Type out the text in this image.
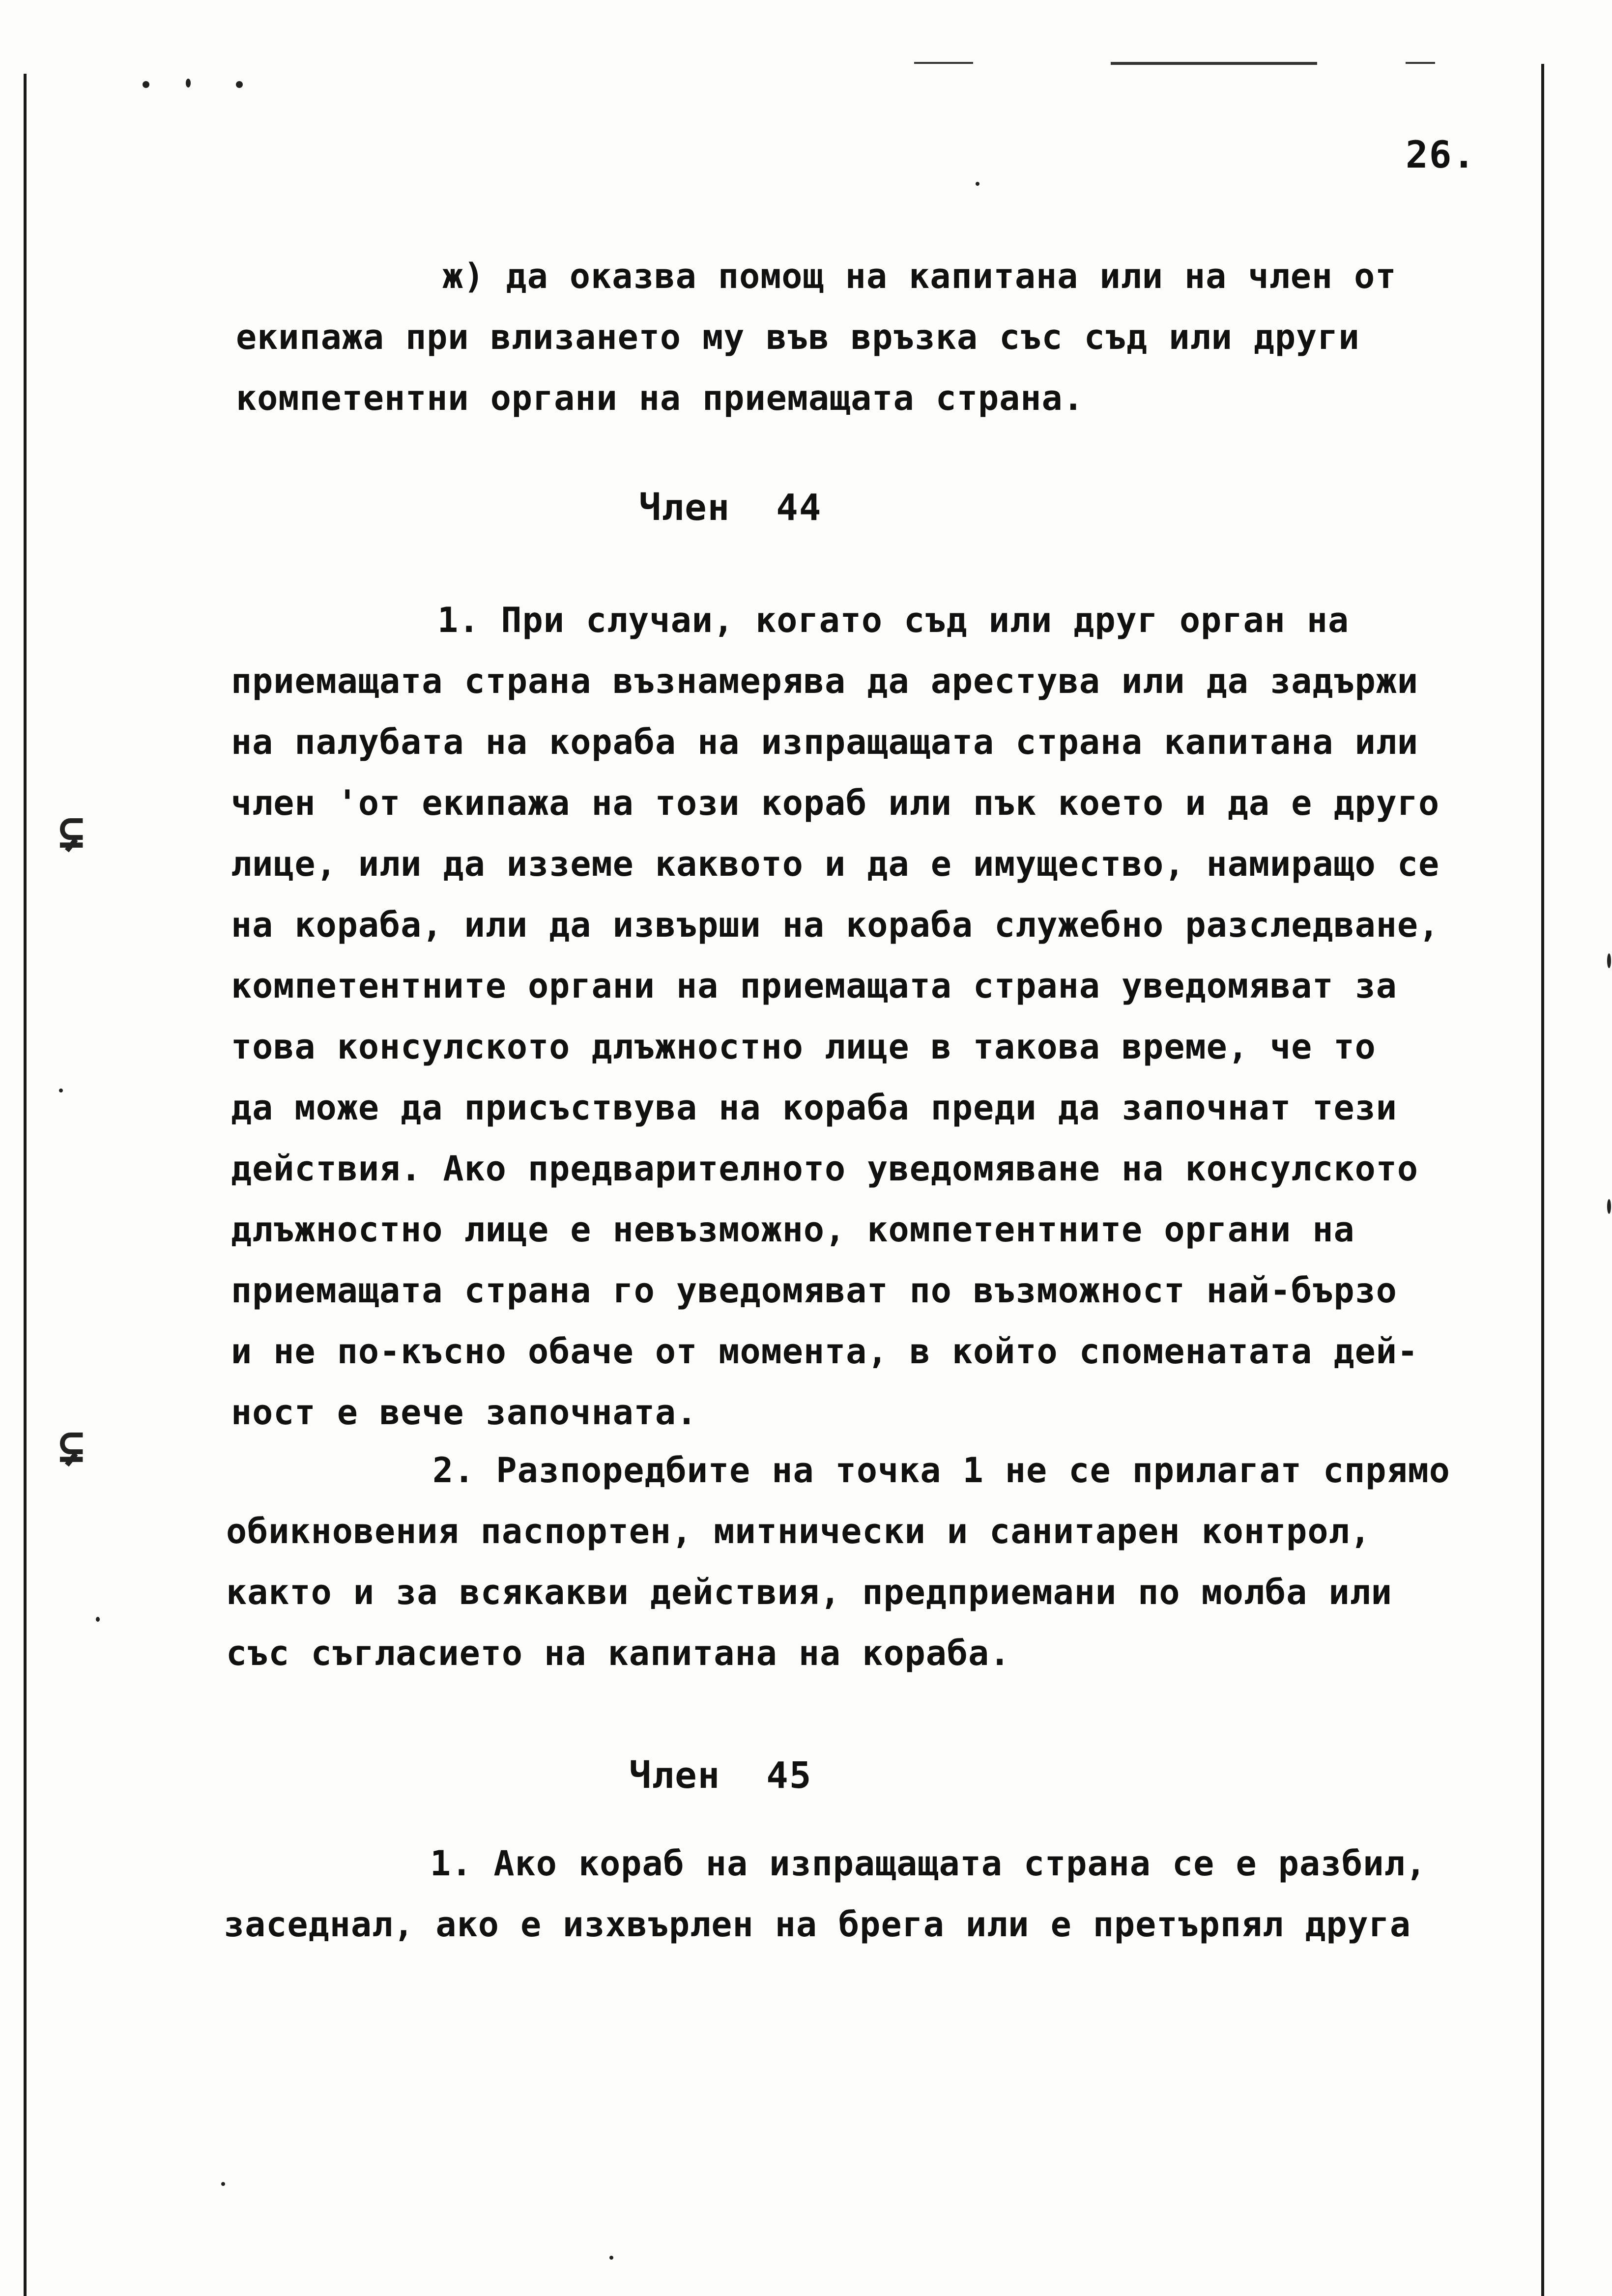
⊊
⊊
26.
ж) да оказва помощ на капитана или на член от
екипажа при влизането му във връзка със съд или други
компетентни органи на приемащата страна.
Член  44
1. При случаи, когато съд или друг орган на
приемащата страна възнамерява да арестува или да задържи
на палубата на кораба на изпращащата страна капитана или
член 'от екипажа на този кораб или пък което и да е друго
лице, или да изземе каквото и да е имущество, намиращо се
на кораба, или да извърши на кораба служебно разследване,
компетентните органи на приемащата страна уведомяват за
това консулското длъжностно лице в такова време, че то
да може да присъствува на кораба преди да започнат тези
действия. Ако предварителното уведомяване на консулското
длъжностно лице е невъзможно, компетентните органи на
приемащата страна го уведомяват по възможност най-бързо
и не по-късно обаче от момента, в който споменатата дей-
ност е вече започната.
2. Разпоредбите на точка 1 не се прилагат спрямо
обикновения паспортен, митнически и санитарен контрол,
както и за всякакви действия, предприемани по молба или
със съгласието на капитана на кораба.
Член  45
1. Ако кораб на изпращащата страна се е разбил,
заседнал, ако е изхвърлен на брега или е претърпял друга
